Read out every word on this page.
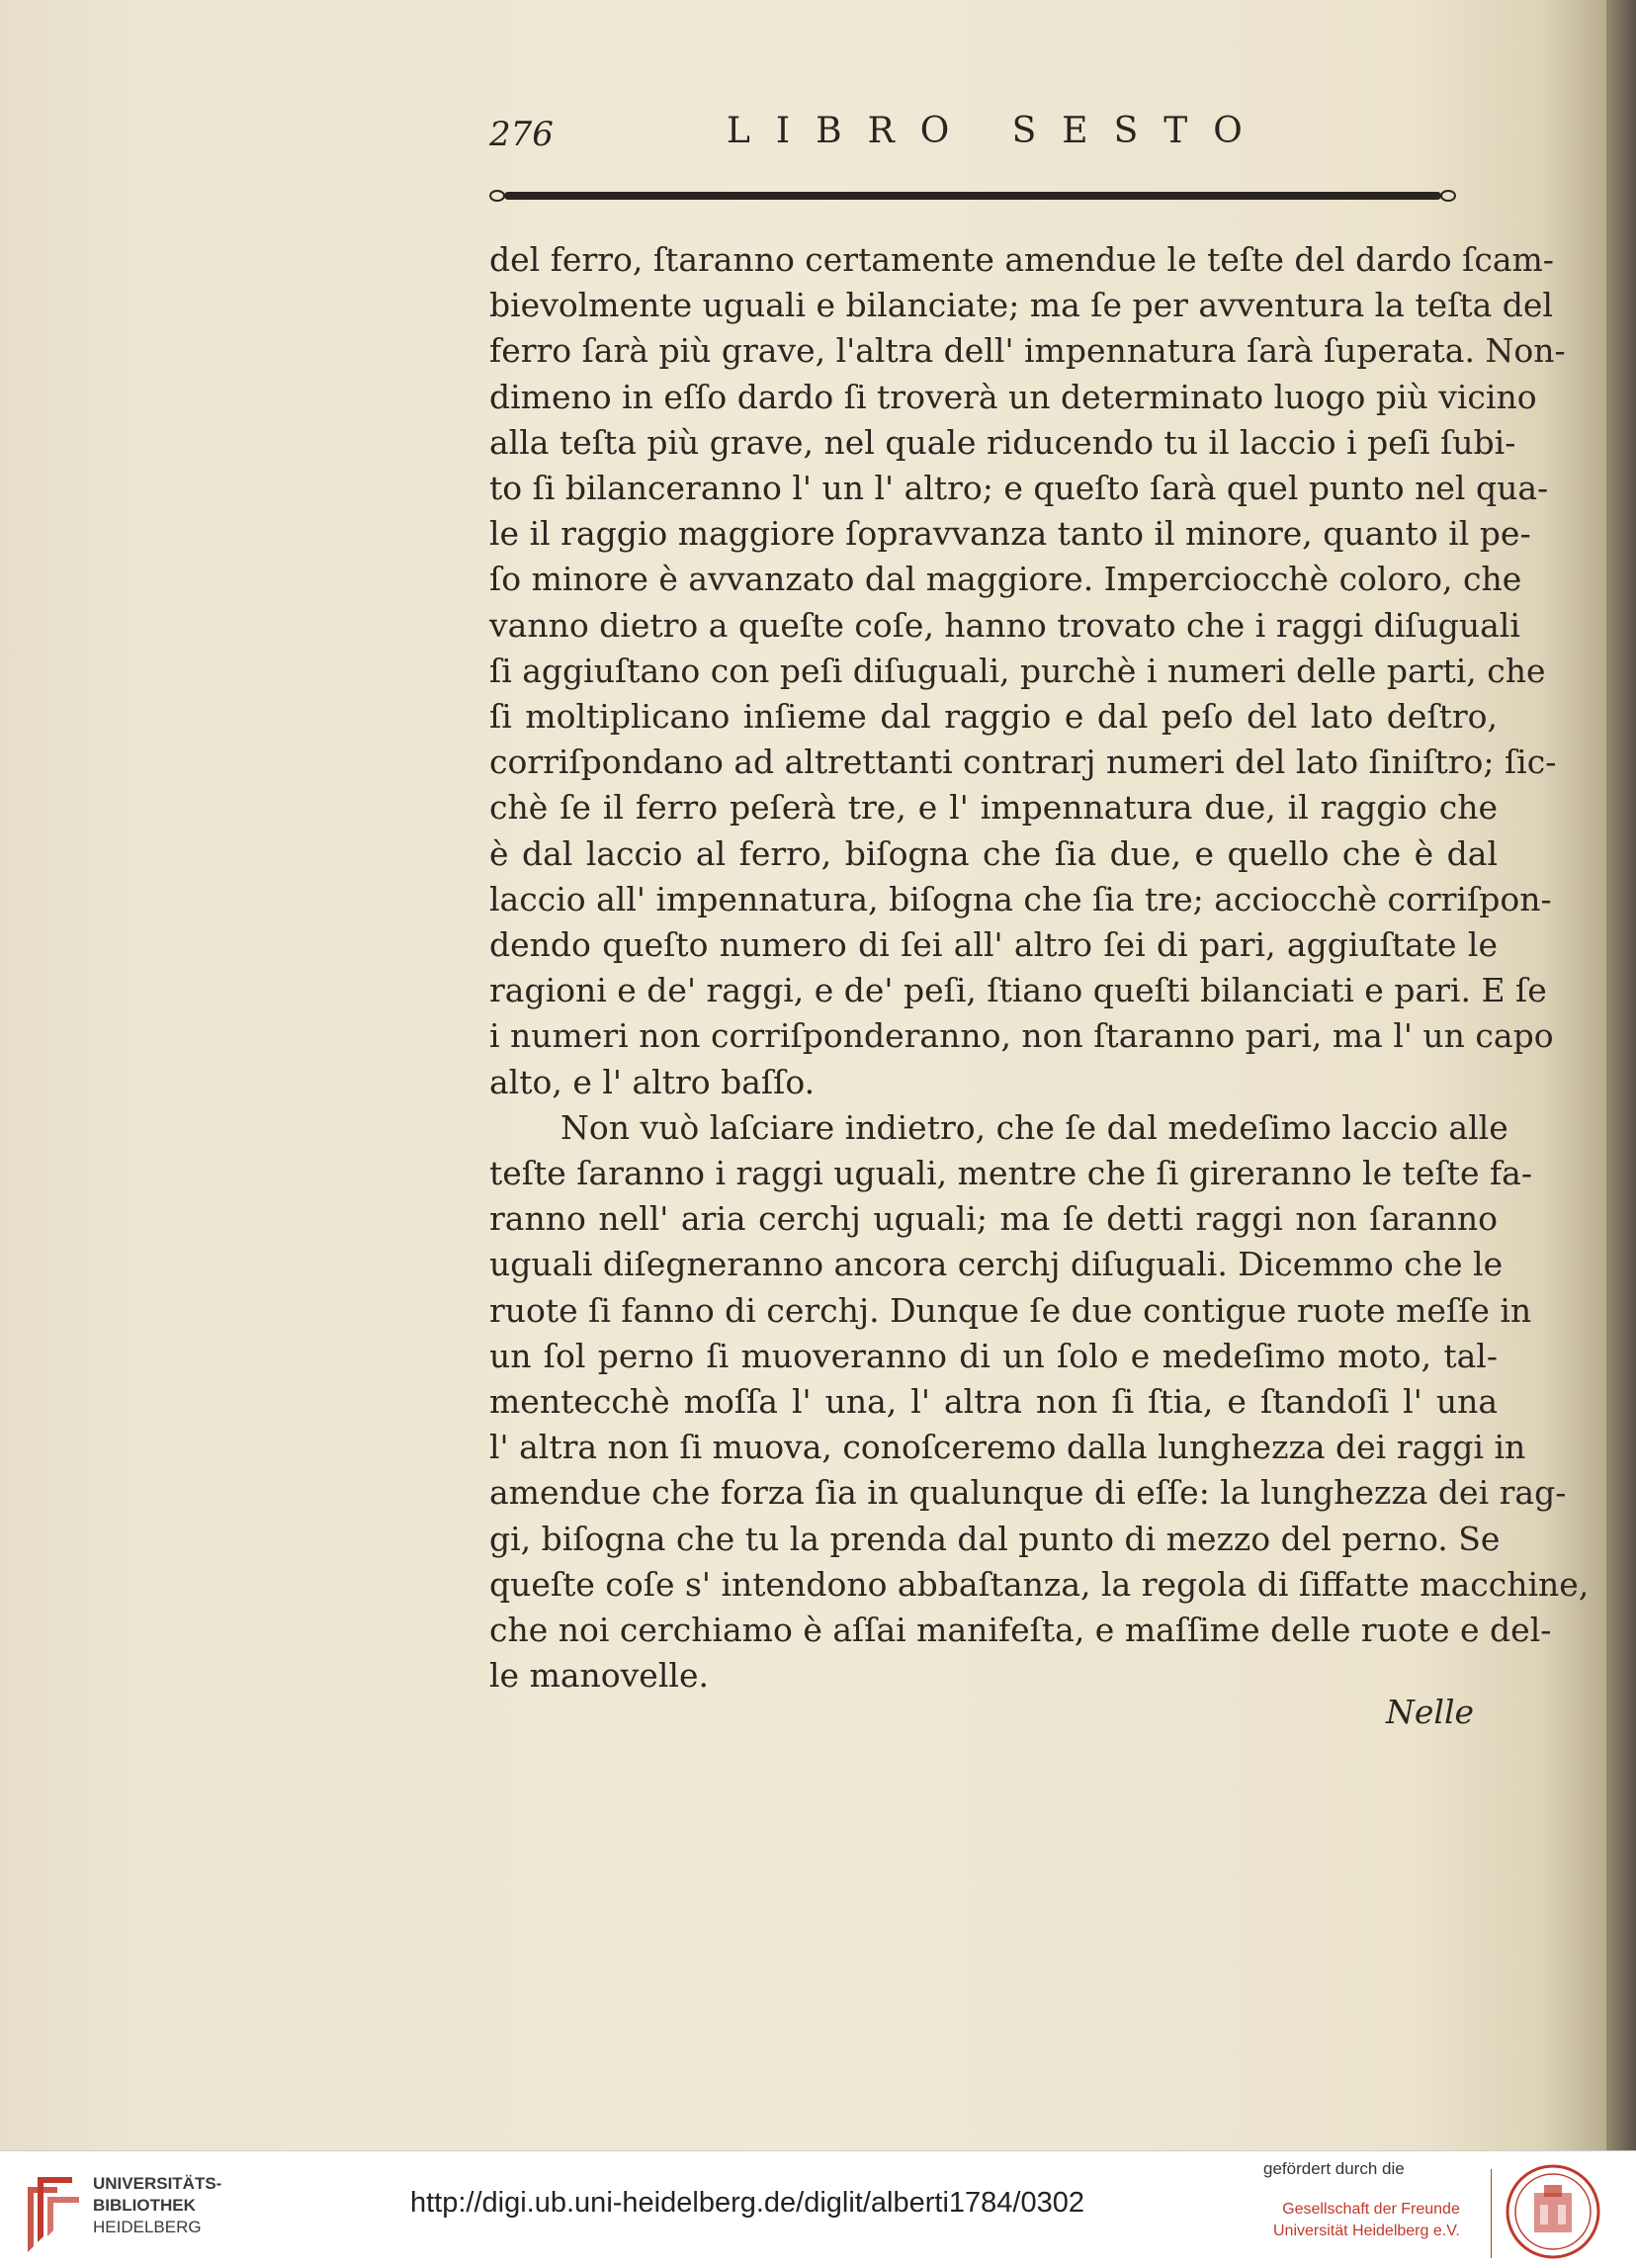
276	LIBRO SESTO
del ferro, ſtaranno certamente amendue le teſte del dardo ſcam-
bievolmente uguali e bilanciate; ma ſe per avventura la teſta del
ferro ſarà più grave, l'altra dell' impennatura ſarà ſuperata. Non-
dimeno in eſſo dardo ſi troverà un determinato luogo più vicino
alla teſta più grave, nel quale riducendo tu il laccio i peſi ſubi-
to ſi bilanceranno l' un l' altro; e queſto ſarà quel punto nel qua-
le il raggio maggiore ſopravvanza tanto il minore, quanto il pe-
ſo minore è avvanzato dal maggiore. Imperciocchè coloro, che
vanno dietro a queſte coſe, hanno trovato che i raggi diſuguali
ſi aggiuſtano con peſi diſuguali, purchè i numeri delle parti, che
ſi moltiplicano inſieme dal raggio e dal peſo del lato deſtro,
corriſpondano ad altrettanti contrarj numeri del lato ſiniſtro; ſic-
chè ſe il ferro peſerà tre, e l' impennatura due, il raggio che
è dal laccio al ferro, biſogna che ſia due, e quello che è dal
laccio all' impennatura, biſogna che ſia tre; acciocchè corriſpon-
dendo queſto numero di ſei all' altro ſei di pari, aggiuſtate le
ragioni e de' raggi, e de' peſi, ſtiano queſti bilanciati e pari. E ſe
i numeri non corriſponderanno, non ſtaranno pari, ma l' un capo
alto, e l' altro baſſo.
Non vuò laſciare indietro, che ſe dal medeſimo laccio alle
teſte ſaranno i raggi uguali, mentre che ſi gireranno le teſte fa-
ranno nell' aria cerchj uguali; ma ſe detti raggi non ſaranno
uguali diſegneranno ancora cerchj diſuguali. Dicemmo che le
ruote ſi fanno di cerchj. Dunque ſe due contigue ruote meſſe in
un ſol perno ſi muoveranno di un ſolo e medeſimo moto, tal-
mentecchè moſſa l' una, l' altra non ſi ſtia, e ſtandoſi l' una
l' altra non ſi muova, conoſceremo dalla lunghezza dei raggi in
amendue che forza ſia in qualunque di eſſe: la lunghezza dei rag-
gi, biſogna che tu la prenda dal punto di mezzo del perno. Se
queſte coſe s' intendono abbaſtanza, la regola di ſiffatte macchine,
che noi cerchiamo è aſſai manifeſta, e maſſime delle ruote e del-
le manovelle.
Nelle
UNIVERSITÄTS-
BIBLIOTHEK
HEIDELBERG
http://digi.ub.uni-heidelberg.de/diglit/alberti1784/0302
gefördert durch die
Gesellschaft der Freunde
Universität Heidelberg e.V.
